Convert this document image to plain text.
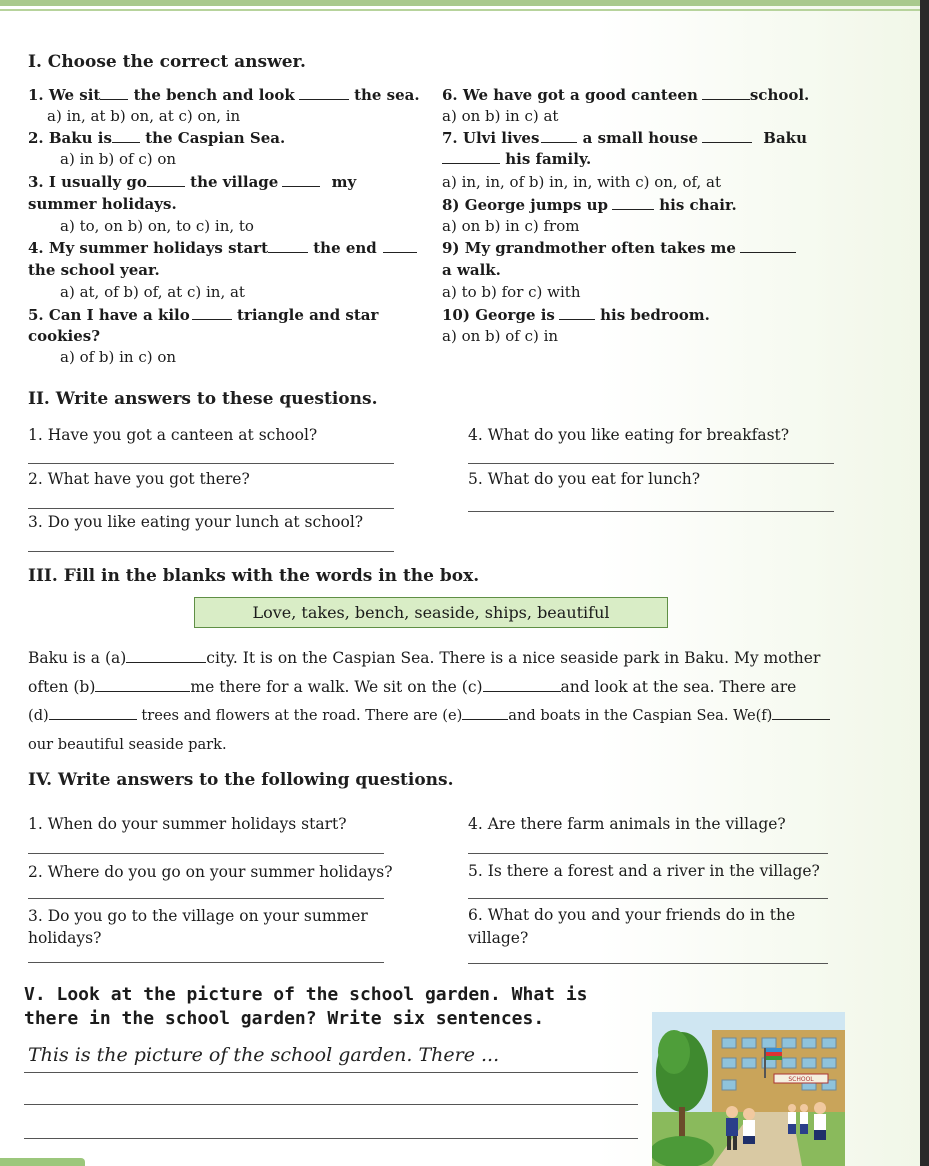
I. Choose the correct answer.
1. We sit the bench and look	the sea.
a) in, at b) on, at c) on, in
2. Baku is the Caspian Sea.
a) in b) of c) on
3. I usually go	the village	my
summer holidays.
a) to, on b) on, to c) in, to
4. My summer holidays start	the end
the school year.
a) at, of b) of, at c) in, at
5. Can I have a kilo	triangle and star
cookies?
a) of b) in c) on
6. We have got a good canteen	school.
a) on b) in c) at
7. Ulvi lives	a small house	Baku
his family.
a) in, in, of b) in, in, with c) on, of, at
8) George jumps up	his chair.
a) on b) in c) from
9) My grandmother often takes me
a walk.
a) to b) for c) with
10) George is	his bedroom.
a) on b) of c) in
II. Write answers to these questions.
1. Have you got a canteen at school?
2. What have you got there?
3. Do you like eating your lunch at school?
4. What do you like eating for breakfast?
5. What do you eat for lunch?
III. Fill in the blanks with the words in the box.
Love, takes, bench, seaside, ships, beautiful
Baku is a (a)	city. It is on the Caspian Sea. There is a nice seaside park in Baku. My mother
often (b)	me there for a walk. We sit on the (c)	and look at the sea. There are
(d)	trees and flowers at the road. There are (e)	and boats in the Caspian Sea. We(f)
our beautiful seaside park.
IV. Write answers to the following questions.
1. When do your summer holidays start?
2. Where do you go on your summer holidays?
3. Do you go to the village on your summer
holidays?
4. Are there farm animals in the village?
5. Is there a forest and a river in the village?
6. What do you and your friends do in the
village?
V. Look at the picture of the school garden. What is
there in the school garden? Write six sentences.
This is the picture of the school garden. There ...
SCHOOL
